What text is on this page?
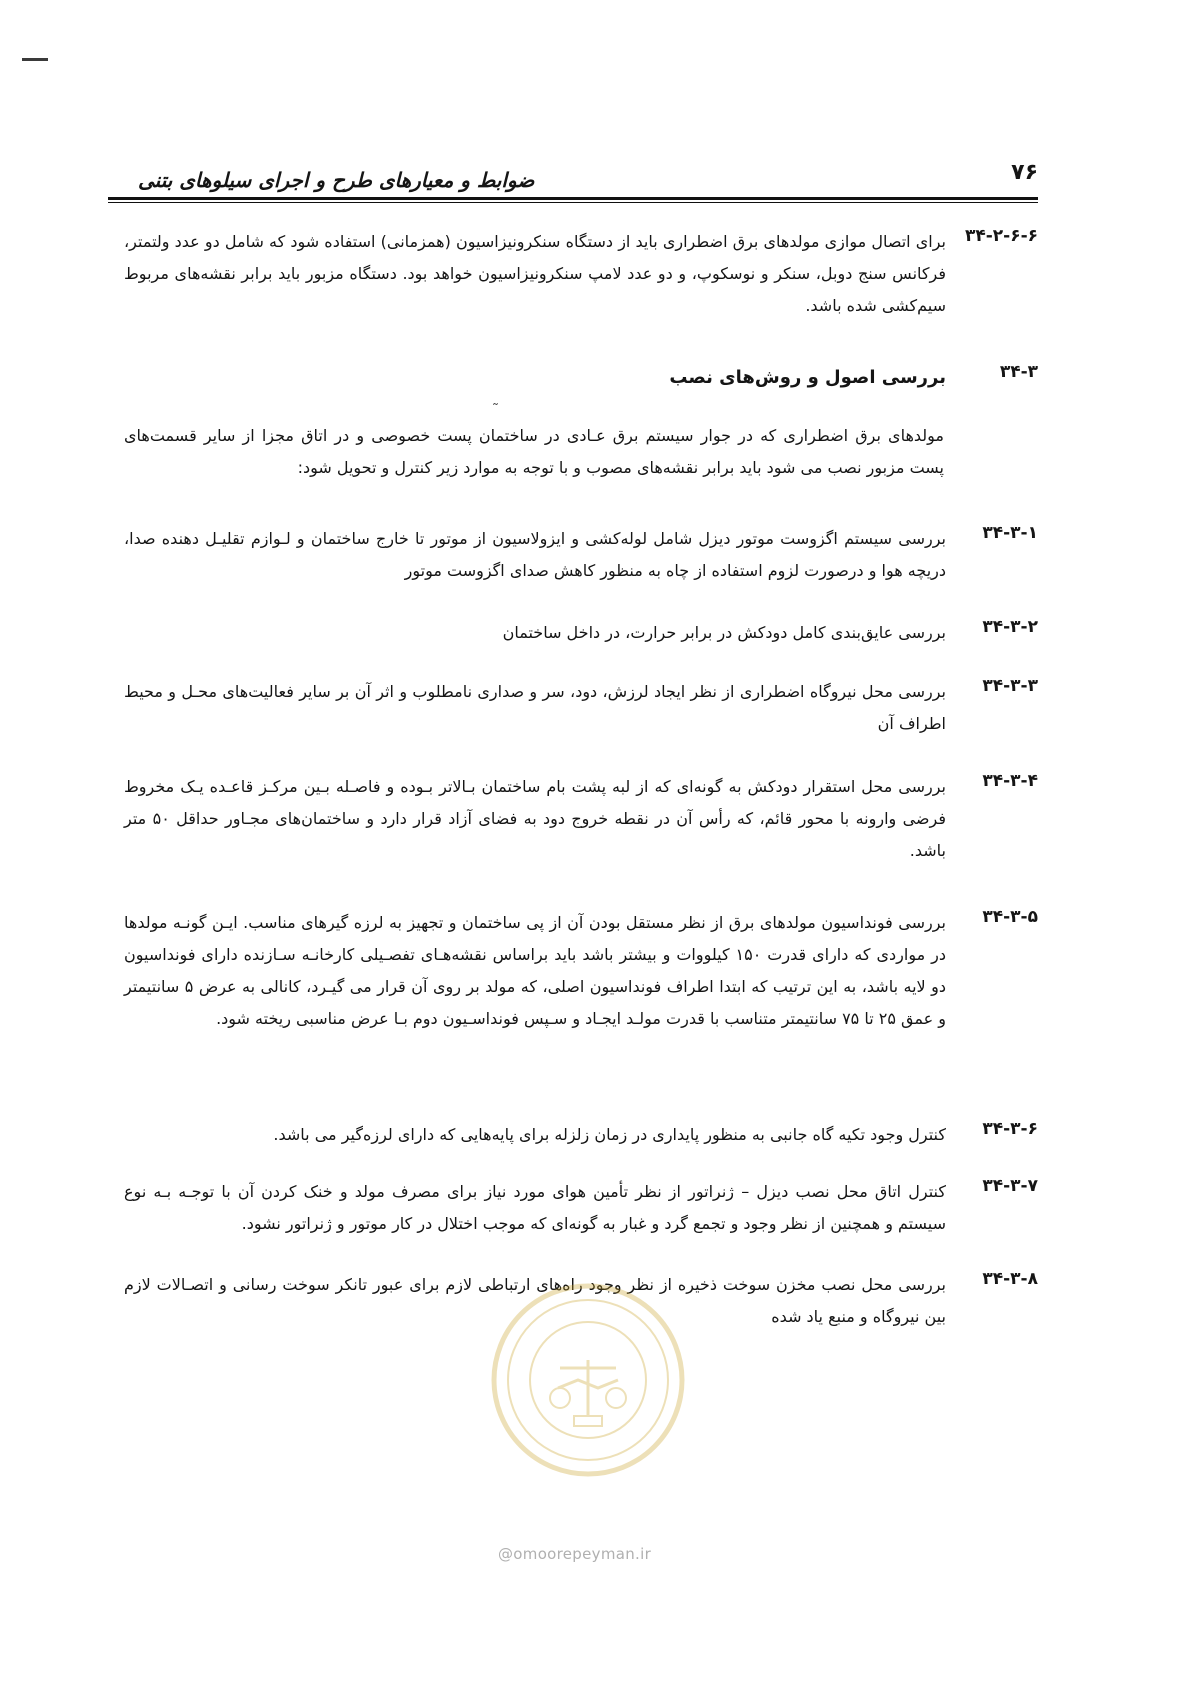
۷۶
ضوابط و معیارهای طرح و اجرای سیلوهای بتنی
۳۴-۲-۶-۶
برای اتصال موازی مولدهای برق اضطراری باید از دستگاه سنکرونیزاسیون (همزمانی) استفاده شود که شامل دو عدد ولتمتر، فرکانس سنج دوبل، سنکر و نوسکوپ، و دو عدد لامپ سنکرونیزاسیون خواهد بود. دستگاه مزبور باید برابر نقشه‌های مربوط سیم‌کشی شده باشد.
۳۴-۳
بررسی اصول و روش‌های نصب
˜
مولدهای برق اضطراری که در جوار سیستم برق عـادی در ساختمان پست خصوصی و در اتاق مجزا از سایر قسمت‌های پست مزبور نصب می شود باید برابر نقشه‌های مصوب و با توجه به موارد زیر کنترل و تحویل شود:
۳۴-۳-۱
بررسی سیستم اگزوست موتور دیزل شامل لوله‌کشی و ایزولاسیون از موتور تا خارج ساختمان و لـوازم تقلیـل دهنده صدا، دریچه هوا و درصورت لزوم استفاده از چاه به منظور کاهش صدای اگزوست موتور
۳۴-۳-۲
بررسی عایق‌بندی کامل دودکش در برابر حرارت، در داخل ساختمان
۳۴-۳-۳
بررسی محل نیروگاه اضطراری از نظر ایجاد لرزش، دود، سر و صداری نامطلوب و اثر آن بر سایر فعالیت‌های محـل و محیط اطراف آن
۳۴-۳-۴
بررسی محل استقرار دودکش به گونه‌ای که از لبه پشت بام ساختمان بـالاتر بـوده و فاصـله بـین مرکـز قاعـده یـک مخروط فرضی وارونه با محور قائم، که رأس آن در نقطه خروج دود به فضای آزاد قرار دارد و ساختمان‌های مجـاور حداقل ۵۰ متر باشد.
۳۴-۳-۵
بررسی فونداسیون مولدهای برق از نظر مستقل بودن آن از پی ساختمان و تجهیز به لرزه گیرهای مناسب. ایـن گونـه مولدها در مواردی که دارای قدرت ۱۵۰ کیلووات و بیشتر باشد باید براساس نقشه‌هـای تفصـیلی کارخانـه سـازنده دارای فونداسیون دو لایه باشد، به این ترتیب که ابتدا اطراف فونداسیون اصلی، که مولد بر روی آن قرار می گیـرد، کانالی به عرض ۵ سانتیمتر و عمق ۲۵ تا ۷۵ سانتیمتر متناسب با قدرت مولـد ایجـاد و سـپس فونداسـیون دوم بـا عرض مناسبی ریخته شود.
۳۴-۳-۶
کنترل وجود تکیه گاه جانبی به منظور پایداری در زمان زلزله برای پایه‌هایی که دارای لرزه‌گیر می باشد.
۳۴-۳-۷
کنترل اتاق محل نصب دیزل – ژنراتور از نظر تأمین هوای مورد نیاز برای مصرف مولد و خنک کردن آن با توجـه بـه نوع سیستم و همچنین از نظر وجود و تجمع گرد و غبار به گونه‌ای که موجب اختلال در کار موتور و ژنراتور نشود.
۳۴-۳-۸
بررسی محل نصب مخزن سوخت ذخیره از نظر وجود راه‌های ارتباطی لازم برای عبور تانکر سوخت رسانی و اتصـالات لازم بین نیروگاه و منبع یاد شده
@omoorepeyman.ir
